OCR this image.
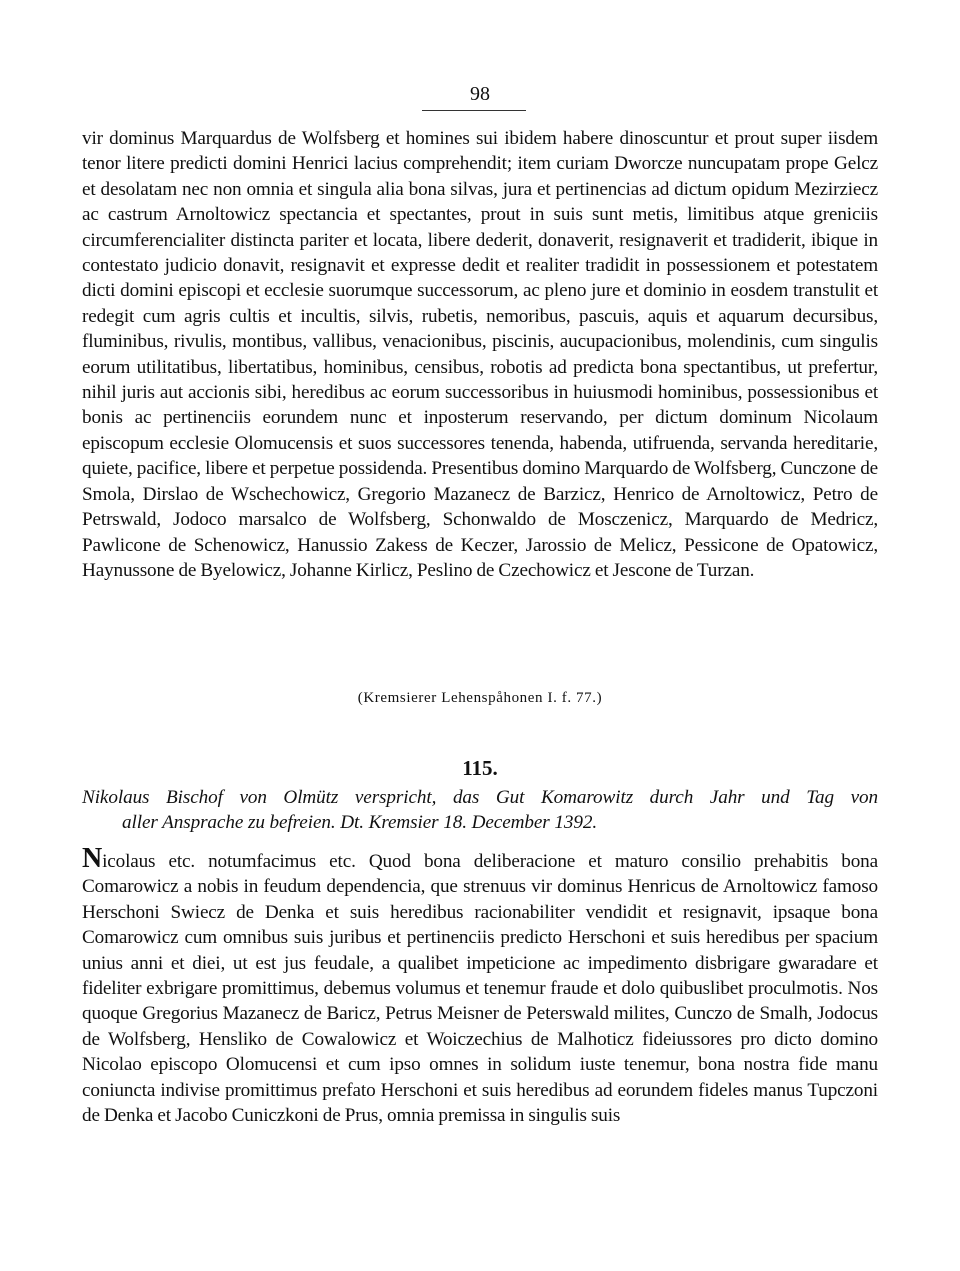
98
vir dominus Marquardus de Wolfsberg et homines sui ibidem habere dinoscuntur et prout super iisdem tenor litere predicti domini Henrici lacius comprehendit; item curiam Dworcze nuncupatam prope Gelcz et desolatam nec non omnia et singula alia bona silvas, jura et pertinencias ad dictum opidum Mezirziecz ac castrum Arnoltowicz spectancia et spectantes, prout in suis sunt metis, limitibus atque greniciis circumferencialiter distincta pariter et locata, libere dederit, donaverit, resignaverit et tradiderit, ibique in contestato judicio donavit, resignavit et expresse dedit et realiter tradidit in possessionem et potestatem dicti domini episcopi et ecclesie suorumque successorum, ac pleno jure et dominio in eosdem transtulit et redegit cum agris cultis et incultis, silvis, rubetis, nemoribus, pascuis, aquis et aquarum decursibus, fluminibus, rivulis, montibus, vallibus, venacionibus, piscinis, aucupacionibus, molendinis, cum singulis eorum utilitatibus, libertatibus, hominibus, censibus, robotis ad predicta bona spectantibus, ut prefertur, nihil juris aut accionis sibi, heredibus ac eorum successoribus in huiusmodi hominibus, possessionibus et bonis ac pertinenciis eorundem nunc et inposterum reservando, per dictum dominum Nicolaum episcopum ecclesie Olomucensis et suos successores tenenda, habenda, utifruenda, servanda hereditarie, quiete, pacifice, libere et perpetue possidenda. Presentibus domino Marquardo de Wolfsberg, Cunczone de Smola, Dirslao de Wschechowicz, Gregorio Mazanecz de Barzicz, Henrico de Arnoltowicz, Petro de Petrswald, Jodoco marsalco de Wolfsberg, Schonwaldo de Mosczenicz, Marquardo de Medricz, Pawlicone de Schenowicz, Hanussio Zakess de Keczer, Jarossio de Melicz, Pessicone de Opatowicz, Haynussone de Byelowicz, Johanne Kirlicz, Peslino de Czechowicz et Jescone de Turzan.
(Kremsierer Lehenspåhonen I. f. 77.)
115.
Nikolaus Bischof von Olmütz verspricht, das Gut Komarowitz durch Jahr und Tag von
aller Ansprache zu befreien. Dt. Kremsier 18. December 1392.
Nicolaus etc. notumfacimus etc. Quod bona deliberacione et maturo consilio prehabitis bona Comarowicz a nobis in feudum dependencia, que strenuus vir dominus Henricus de Arnoltowicz famoso Herschoni Swiecz de Denka et suis heredibus racionabiliter vendidit et resignavit, ipsaque bona Comarowicz cum omnibus suis juribus et pertinenciis predicto Herschoni et suis heredibus per spacium unius anni et diei, ut est jus feudale, a qualibet impeticione ac impedimento disbrigare gwaradare et fideliter exbrigare promittimus, debemus volumus et tenemur fraude et dolo quibuslibet proculmotis. Nos quoque Gregorius Mazanecz de Baricz, Petrus Meisner de Peterswald milites, Cunczo de Smalh, Jodocus de Wolfsberg, Hensliko de Cowalowicz et Woiczechius de Malhoticz fideiussores pro dicto domino Nicolao episcopo Olomucensi et cum ipso omnes in solidum iuste tenemur, bona nostra fide manu coniuncta indivise promittimus prefato Herschoni et suis heredibus ad eorundem fideles manus Tupczoni de Denka et Jacobo Cuniczkoni de Prus, omnia premissa in singulis suis
